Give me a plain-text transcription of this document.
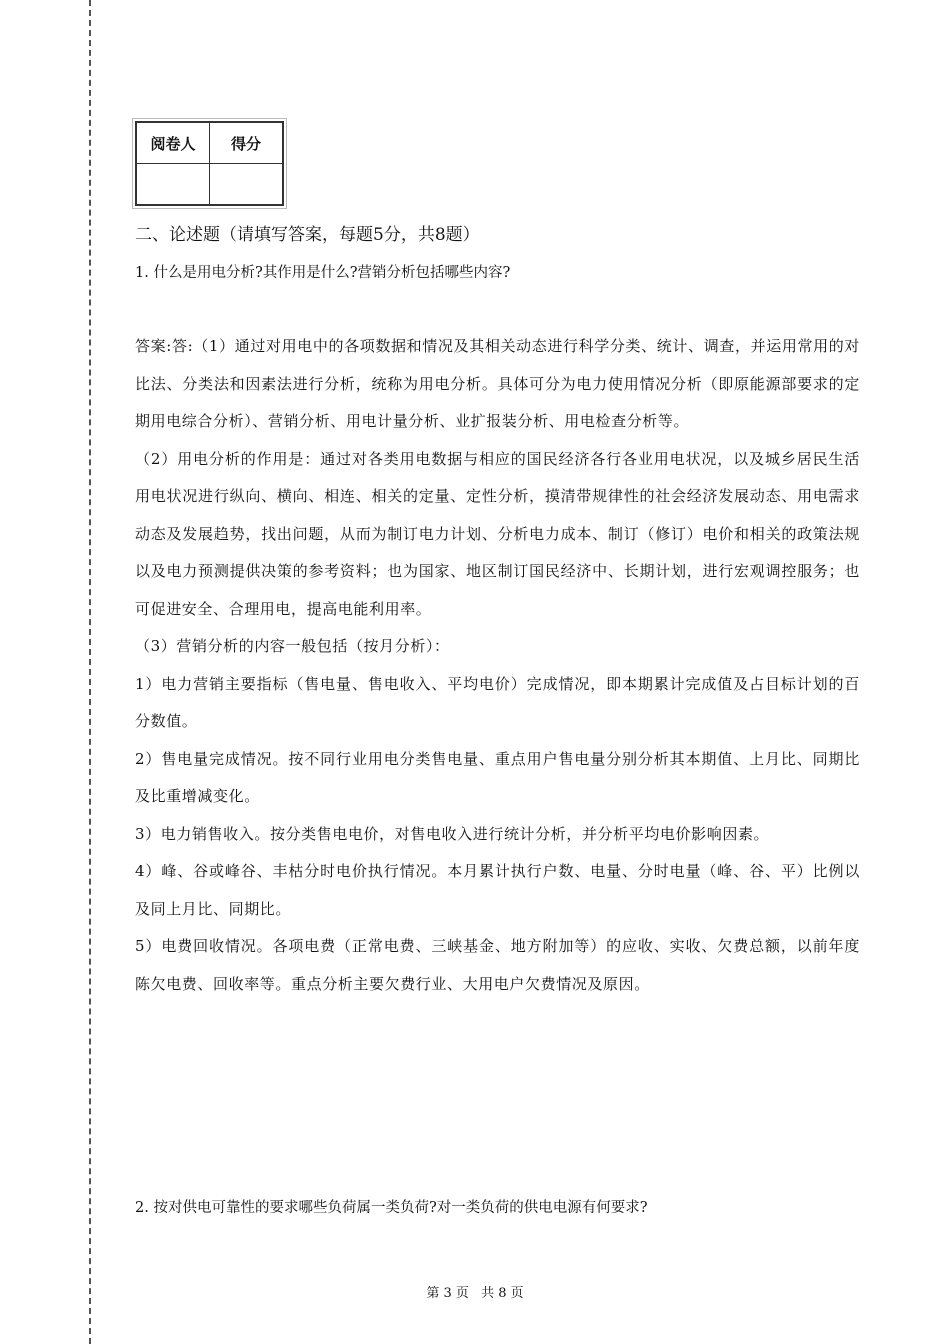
阅卷人	得分

二、论述题（请填写答案，每题5分，共8题）
1. 什么是用电分析?其作用是什么?营销分析包括哪些内容?

答案:答:（1）通过对用电中的各项数据和情况及其相关动态进行科学分类、统计、调查，并运用常用的对比法、分类法和因素法进行分析，统称为用电分析。具体可分为电力使用情况分析（即原能源部要求的定期用电综合分析）、营销分析、用电计量分析、业扩报装分析、用电检查分析等。

（2）用电分析的作用是：通过对各类用电数据与相应的国民经济各行各业用电状况，以及城乡居民生活用电状况进行纵向、横向、相连、相关的定量、定性分析，摸清带规律性的社会经济发展动态、用电需求动态及发展趋势，找出问题，从而为制订电力计划、分析电力成本、制订（修订）电价和相关的政策法规以及电力预测提供决策的参考资料；也为国家、地区制订国民经济中、长期计划，进行宏观调控服务；也可促进安全、合理用电，提高电能利用率。

（3）营销分析的内容一般包括（按月分析）：

1）电力营销主要指标（售电量、售电收入、平均电价）完成情况，即本期累计完成值及占目标计划的百分数值。

2）售电量完成情况。按不同行业用电分类售电量、重点用户售电量分别分析其本期值、上月比、同期比及比重增减变化。

3）电力销售收入。按分类售电电价，对售电收入进行统计分析，并分析平均电价影响因素。

4）峰、谷或峰谷、丰枯分时电价执行情况。本月累计执行户数、电量、分时电量（峰、谷、平）比例以及同上月比、同期比。

5）电费回收情况。各项电费（正常电费、三峡基金、地方附加等）的应收、实收、欠费总额，以前年度陈欠电费、回收率等。重点分析主要欠费行业、大用电户欠费情况及原因。

2. 按对供电可靠性的要求哪些负荷属一类负荷?对一类负荷的供电电源有何要求?
第 3 页 共 8 页
